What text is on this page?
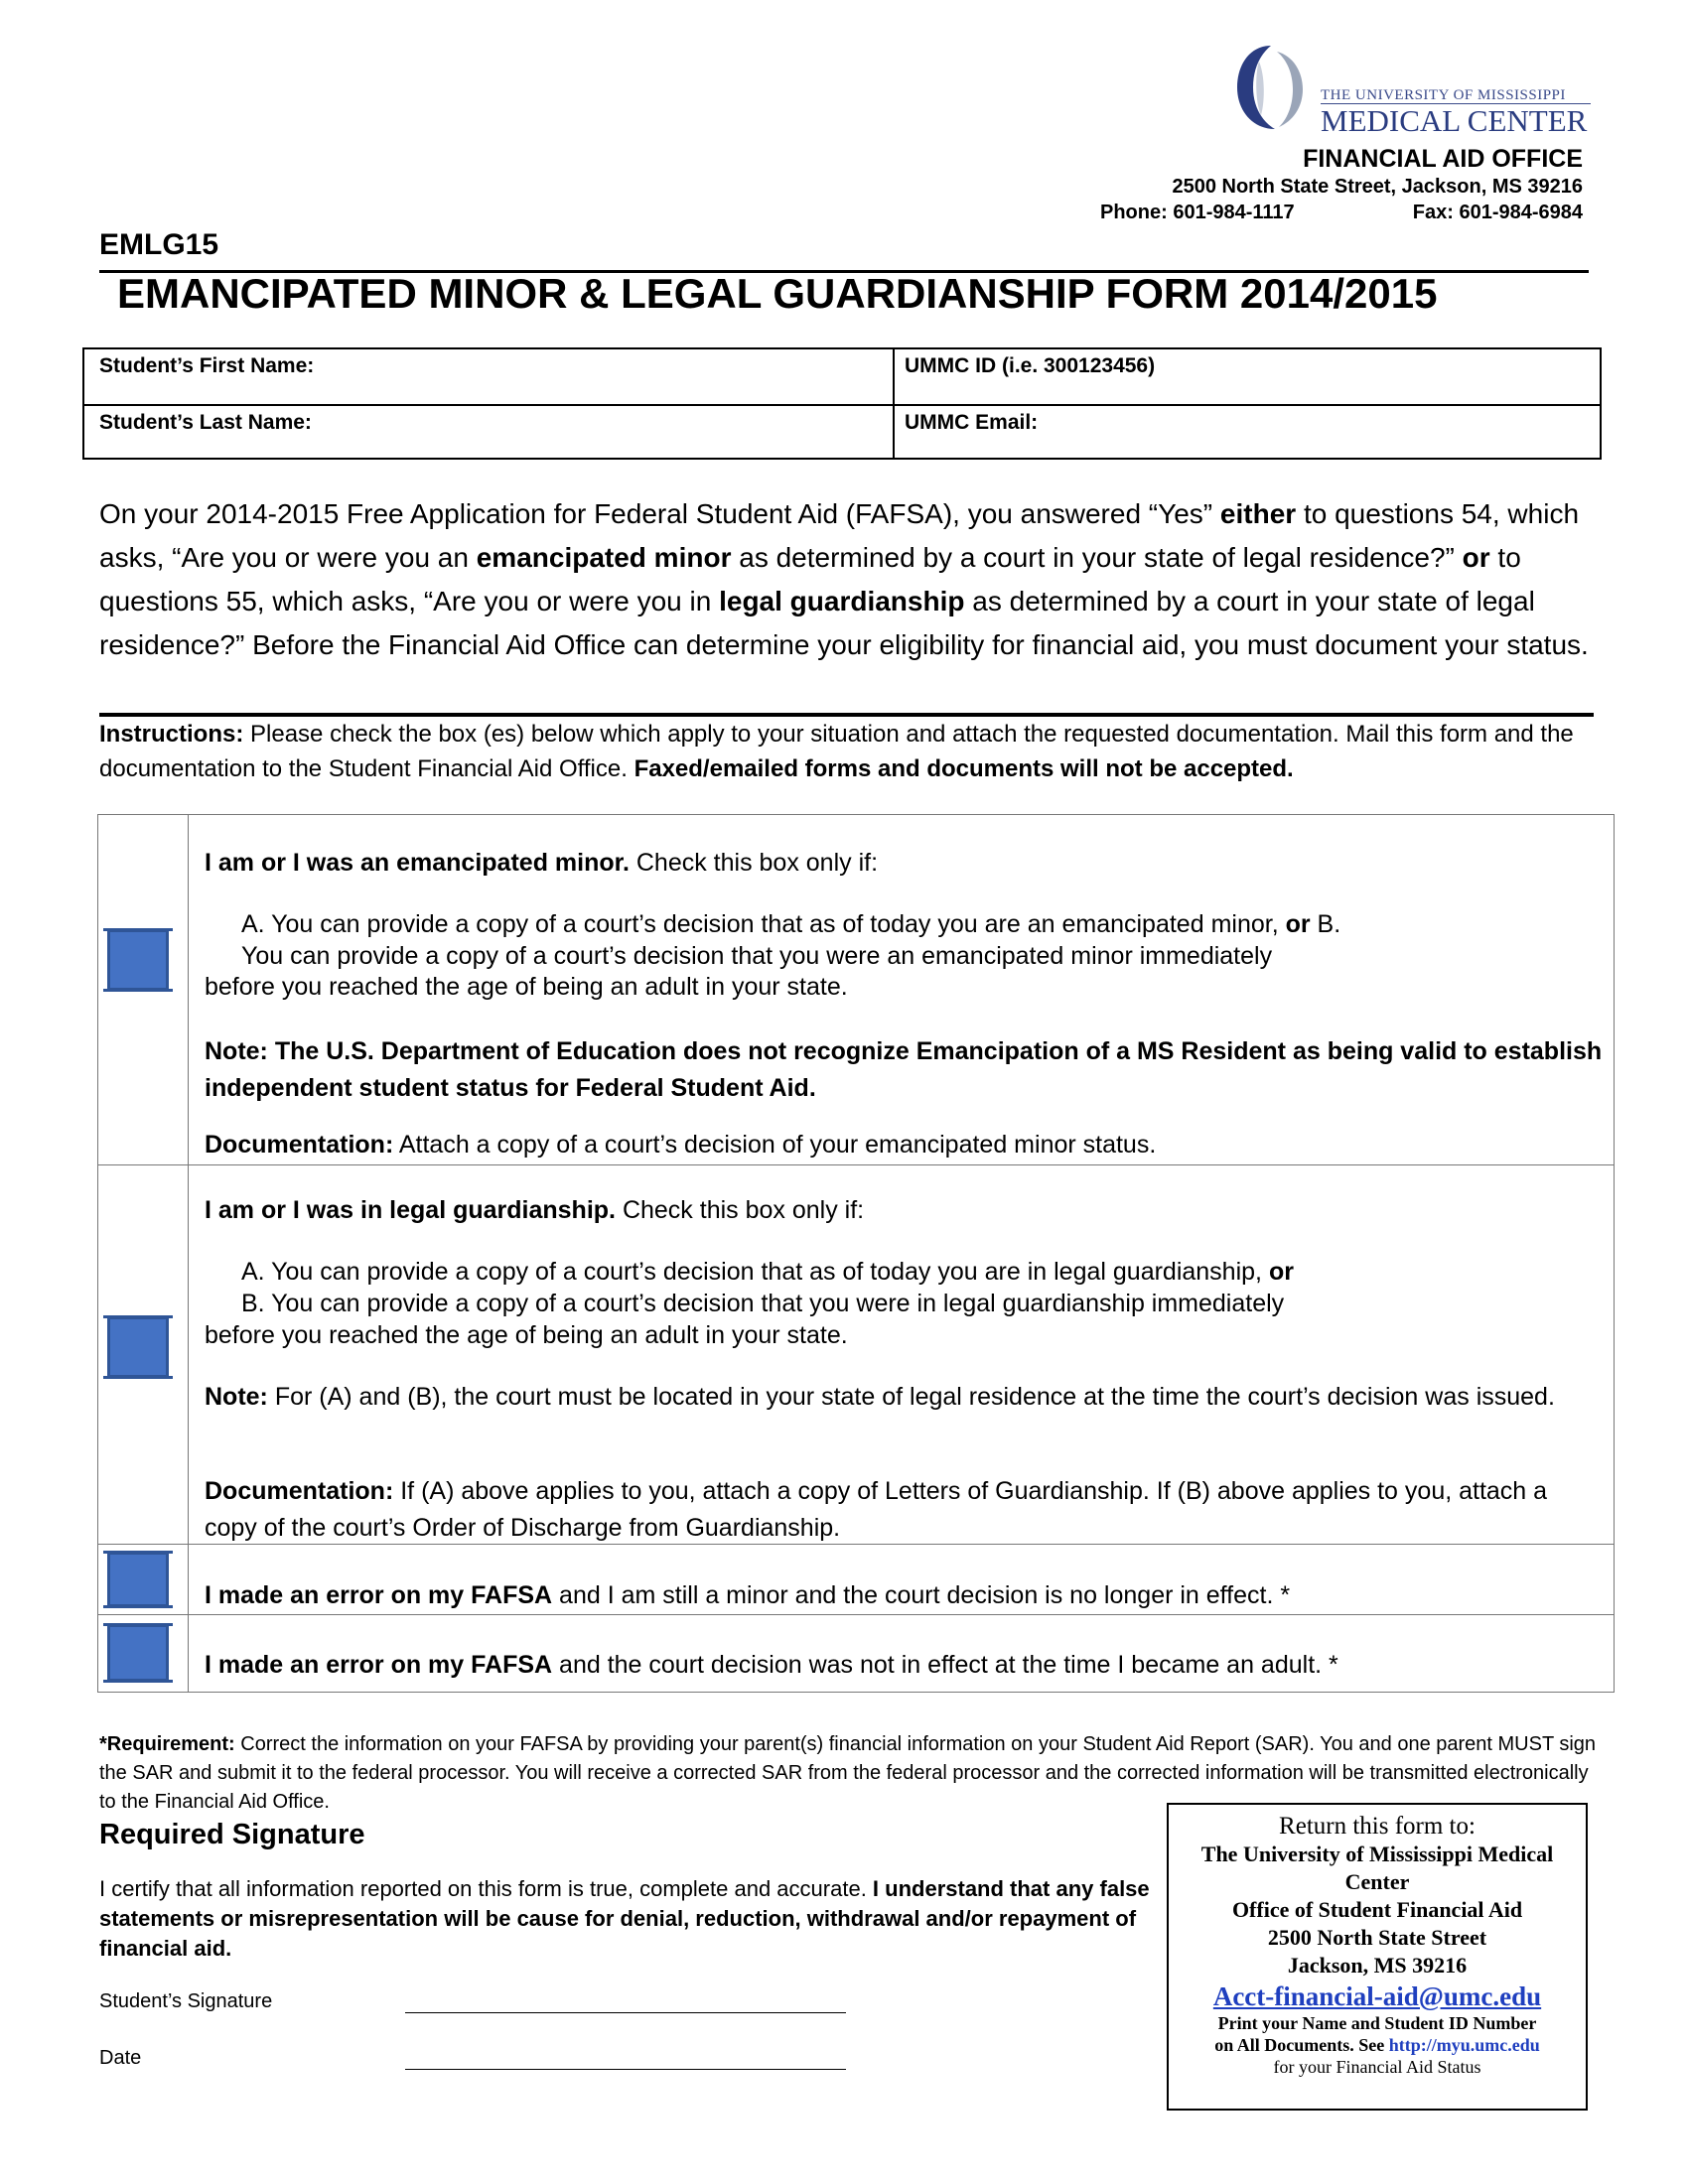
THE UNIVERSITY OF MISSISSIPPI
MEDICAL CENTER
FINANCIAL AID OFFICE
2500 North State Street, Jackson, MS 39216
Phone: 601-984-1117	Fax: 601-984-6984
EMLG15
EMANCIPATED MINOR & LEGAL GUARDIANSHIP FORM 2014/2015
Student’s First Name:	UMMC ID (i.e. 300123456)
Student’s Last Name:	UMMC Email:
On your 2014-2015 Free Application for Federal Student Aid (FAFSA), you answered “Yes” either to questions 54, which asks, “Are you or were you an emancipated minor as determined by a court in your state of legal residence?” or to questions 55, which asks, “Are you or were you in legal guardianship as determined by a court in your state of legal residence?” Before the Financial Aid Office can determine your eligibility for financial aid, you must document your status.
Instructions: Please check the box (es) below which apply to your situation and attach the requested documentation. Mail this form and the documentation to the Student Financial Aid Office. Faxed/emailed forms and documents will not be accepted.
I am or I was an emancipated minor. Check this box only if:
A. You can provide a copy of a court’s decision that as of today you are an emancipated minor, or B.
You can provide a copy of a court’s decision that you were an emancipated minor immediately
before you reached the age of being an adult in your state.
Note: The U.S. Department of Education does not recognize Emancipation of a MS Resident as being valid to establish independent student status for Federal Student Aid.
Documentation: Attach a copy of a court’s decision of your emancipated minor status.
I am or I was in legal guardianship. Check this box only if:
A. You can provide a copy of a court’s decision that as of today you are in legal guardianship, or
B. You can provide a copy of a court’s decision that you were in legal guardianship immediately
before you reached the age of being an adult in your state.
Note: For (A) and (B), the court must be located in your state of legal residence at the time the court’s decision was issued.
Documentation: If (A) above applies to you, attach a copy of Letters of Guardianship. If (B) above applies to you, attach a copy of the court’s Order of Discharge from Guardianship.
I made an error on my FAFSA and I am still a minor and the court decision is no longer in effect. *
I made an error on my FAFSA and the court decision was not in effect at the time I became an adult. *
*Requirement: Correct the information on your FAFSA by providing your parent(s) financial information on your Student Aid Report (SAR). You and one parent MUST sign the SAR and submit it to the federal processor. You will receive a corrected SAR from the federal processor and the corrected information will be transmitted electronically to the Financial Aid Office.
Required Signature
I certify that all information reported on this form is true, complete and accurate. I understand that any false statements or misrepresentation will be cause for denial, reduction, withdrawal and/or repayment of financial aid.
Student’s Signature
Date
Return this form to:
The University of Mississippi Medical
Center
Office of Student Financial Aid
2500 North State Street
Jackson, MS 39216
Acct-financial-aid@umc.edu
Print your Name and Student ID Number
on All Documents. See http://myu.umc.edu
for your Financial Aid Status
